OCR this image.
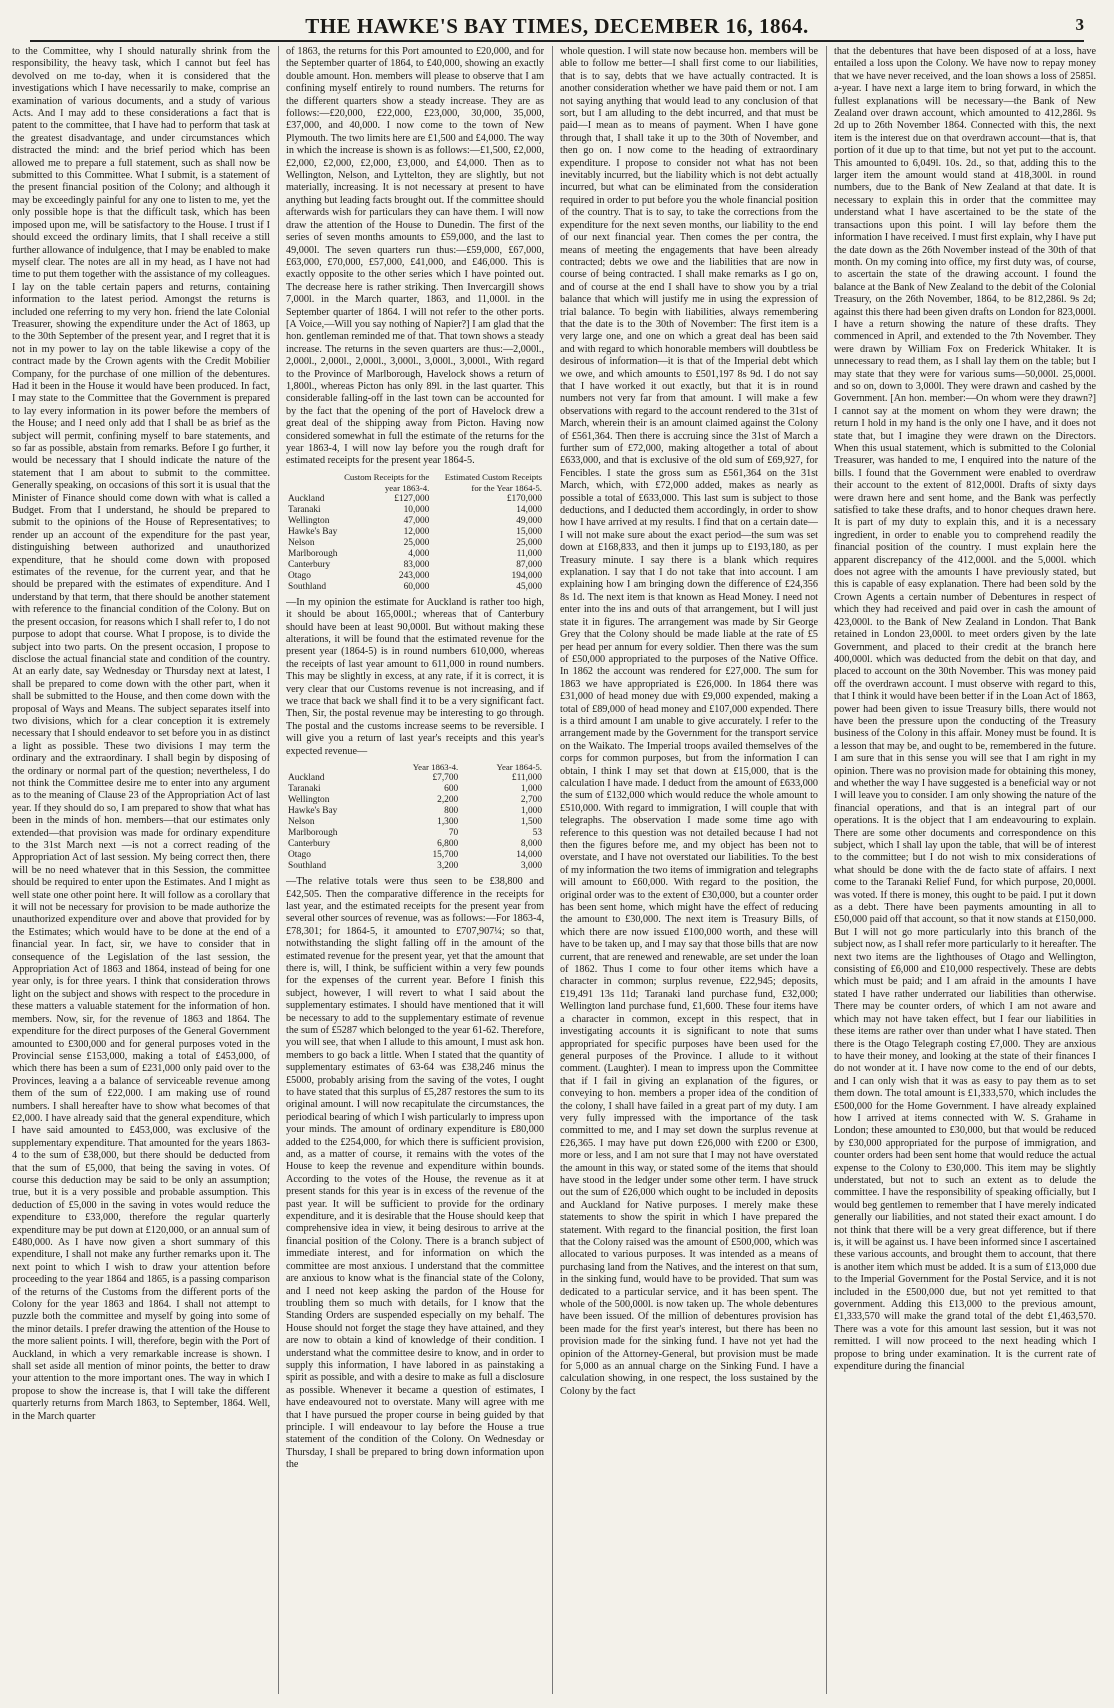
THE HAWKE'S BAY TIMES, DECEMBER 16, 1864.	3

to the Committee, why I should naturally shrink from the responsibility, the heavy task, which I cannot but feel has devolved on me to-day, when it is considered that the investigations which I have necessarily to make, comprise an examination of various documents, and a study of various Acts. And I may add to these considerations a fact that is patent to the committee, that I have had to perform that task at the greatest disadvantage, and under circumstances which distracted the mind: and the brief period which has been allowed me to prepare a full statement, such as shall now be submitted to this Committee. What I submit, is a statement of the present financial position of the Colony; and although it may be exceedingly painful for any one to listen to me, yet the only possible hope is that the difficult task, which has been imposed upon me, will be satisfactory to the House. I trust if I should exceed the ordinary limits, that I shall receive a still further allowance of indulgence, that I may be enabled to make myself clear. The notes are all in my head, as I have not had time to put them together with the assistance of my colleagues. I lay on the table certain papers and returns, containing information to the latest period. Amongst the returns is included one referring to my very hon. friend the late Colonial Treasurer, showing the expenditure under the Act of 1863, up to the 30th September of the present year, and I regret that it is not in my power to lay on the table likewise a copy of the contract made by the Crown agents with the Credit Mobilier Company, for the purchase of one million of the debentures. Had it been in the House it would have been produced. In fact, I may state to the Committee that the Government is prepared to lay every information in its power before the members of the House; and I need only add that I shall be as brief as the subject will permit, confining myself to bare statements, and so far as possible, abstain from remarks. Before I go further, it would be necessary that I should indicate the nature of the statement that I am about to submit to the committee. Generally speaking, on occasions of this sort it is usual that the Minister of Finance should come down with what is called a Budget. From that I understand, he should be prepared to submit to the opinions of the House of Representatives; to render up an account of the expenditure for the past year, distinguishing between authorized and unauthorized expenditure, that he should come down with proposed estimates of the revenue, for the current year, and that he should be prepared with the estimates of expenditure. And I understand by that term, that there should be another statement with reference to the financial condition of the Colony. But on the present occasion, for reasons which I shall refer to, I do not purpose to adopt that course. What I propose, is to divide the subject into two parts. On the present occasion, I propose to disclose the actual financial state and condition of the country. At an early date, say Wednesday or Thursday next at latest, I shall be prepared to come down with the other part, when it shall be submitted to the House, and then come down with the proposal of Ways and Means. The subject separates itself into two divisions, which for a clear conception it is extremely necessary that I should endeavor to set before you in as distinct a light as possible. These two divisions I may term the ordinary and the extraordinary. I shall begin by disposing of the ordinary or normal part of the question; nevertheless, I do not think the Committee desire me to enter into any argument as to the meaning of Clause 23 of the Appropriation Act of last year. If they should do so, I am prepared to show that what has been in the minds of hon. members—that our estimates only extended—that provision was made for ordinary expenditure to the 31st March next —is not a correct reading of the Appropriation Act of last session. My being correct then, there will be no need whatever that in this Session, the committee should be required to enter upon the Estimates. And I might as well state one other point here. It will follow as a corollary that it will not be necessary for provision to be made authorize the unauthorized expenditure over and above that provided for by the Estimates; which would have to be done at the end of a financial year. In fact, sir, we have to consider that in consequence of the Legislation of the last session, the Appropriation Act of 1863 and 1864, instead of being for one year only, is for three years. I think that consideration throws light on the subject and shows with respect to the procedure in these matters a valuable statement for the information of hon. members. Now, sir, for the revenue of 1863 and 1864. The expenditure for the direct purposes of the General Government amounted to £300,000 and for general purposes voted in the Provincial sense £153,000, making a total of £453,000, of which there has been a sum of £231,000 only paid over to the Provinces, leaving a a balance of serviceable revenue among them of the sum of £22,000. I am making use of round numbers. I shall hereafter have to show what becomes of that £2,000. I have already said that the general expenditure, which I have said amounted to £453,000, was exclusive of the supplementary expenditure. That amounted for the years 1863-4 to the sum of £38,000, but there should be deducted from that the sum of £5,000, that being the saving in votes. Of course this deduction may be said to be only an assumption; true, but it is a very possible and probable assumption. This deduction of £5,000 in the saving in votes would reduce the expenditure to £33,000, therefore the regular quarterly expenditure may be put down at £120,000, or an annual sum of £480,000. As I have now given a short summary of this expenditure, I shall not make any further remarks upon it. The next point to which I wish to draw your attention before proceeding to the year 1864 and 1865, is a passing comparison of the returns of the Customs from the different ports of the Colony for the year 1863 and 1864. I shall not attempt to puzzle both the committee and myself by going into some of the minor details. I prefer drawing the attention of the House to the more salient points. I will, therefore, begin with the Port of Auckland, in which a very remarkable increase is shown. I shall set aside all mention of minor points, the better to draw your attention to the more important ones. The way in which I propose to show the increase is, that I will take the different quarterly returns from March 1863, to September, 1864. Well, in the March quarter

of 1863, the returns for this Port amounted to £20,000, and for the September quarter of 1864, to £40,000, showing an exactly double amount. Hon. members will please to observe that I am confining myself entirely to round numbers. The returns for the different quarters show a steady increase. They are as follows:—£20,000, £22,000, £23,000, 30,000, 35,000, £37,000, and 40,000. I now come to the town of New Plymouth. The two limits here are £1,500 and £4,000. The way in which the increase is shown is as follows:—£1,500, £2,000, £2,000, £2,000, £2,000, £3,000, and £4,000. Then as to Wellington, Nelson, and Lyttelton, they are slightly, but not materially, increasing. It is not necessary at present to have anything but leading facts brought out. If the committee should afterwards wish for particulars they can have them. I will now draw the attention of the House to Dunedin. The first of the series of seven months amounts to £59,000, and the last to 49,000l. The seven quarters run thus:—£59,000, £67,000, £63,000, £70,000, £57,000, £41,000, and £46,000. This is exactly opposite to the other series which I have pointed out. The decrease here is rather striking. Then Invercargill shows 7,000l. in the March quarter, 1863, and 11,000l. in the September quarter of 1864. I will not refer to the other ports. [A Voice,—Will you say nothing of Napier?] I am glad that the hon. gentleman reminded me of that. That town shows a steady increase. The returns in the seven quarters are thus:—2,000l., 2,000l., 2,000l., 2,000l., 3,000l., 3,000l., 3,000l., With regard to the Province of Marlborough, Havelock shows a return of 1,800l., whereas Picton has only 89l. in the last quarter. This considerable falling-off in the last town can be accounted for by the fact that the opening of the port of Havelock drew a great deal of the shipping away from Picton. Having now considered somewhat in full the estimate of the returns for the year 1863-4, I will now lay before you the rough draft for estimated receipts for the present year 1864-5.

	Custom Receipts for the year 1863-4.	Estimated Custom Receipts for the Year 1864-5.
Auckland	£127,000	£170,000
Taranaki	10,000	14,000
Wellington	47,000	49,000
Hawke's Bay	12,000	15,000
Nelson	25,000	25,000
Marlborough	4,000	11,000
Canterbury	83,000	87,000
Otago	243,000	194,000
Southland	60,000	45,000

—In my opinion the estimate for Auckland is rather too high, it should be about 165,000l.; whereas that of Canterbury should have been at least 90,000l. But without making these alterations, it will be found that the estimated revenue for the present year (1864-5) is in round numbers 610,000, whereas the receipts of last year amount to 611,000 in round numbers. This may be slightly in excess, at any rate, if it is correct, it is very clear that our Customs revenue is not increasing, and if we trace that back we shall find it to be a very significant fact. Then, Sir, the postal revenue may be interesting to go through. The postal and the customs increase seems to be reversible. I will give you a return of last year's receipts and this year's expected revenue—

	Year 1863-4.	Year 1864-5.
Auckland	£7,700	£11,000
Taranaki	600	1,000
Wellington	2,200	2,700
Hawke's Bay	800	1,000
Nelson	1,300	1,500
Marlborough	70	53
Canterbury	6,800	8,000
Otago	15,700	14,000
Southland	3,200	3,000

—The relative totals were thus seen to be £38,800 and £42,505. Then the comparative difference in the receipts for last year, and the estimated receipts for the present year from several other sources of revenue, was as follows:—For 1863-4, £78,301; for 1864-5, it amounted to £707,907¼; so that, notwithstanding the slight falling off in the amount of the estimated revenue for the present year, yet that the amount that there is, will, I think, be sufficient within a very few pounds for the expenses of the current year. Before I finish this subject, however, I will revert to what I said about the supplementary estimates. I should have mentioned that it will be necessary to add to the supplementary estimate of revenue the sum of £5287 which belonged to the year 61-62. Therefore, you will see, that when I allude to this amount, I must ask hon. members to go back a little. When I stated that the quantity of supplementary estimates of 63-64 was £38,246 minus the £5000, probably arising from the saving of the votes, I ought to have stated that this surplus of £5,287 restores the sum to its original amount. I will now recapitulate the circumstances, the periodical bearing of which I wish particularly to impress upon your minds. The amount of ordinary expenditure is £80,000 added to the £254,000, for which there is sufficient provision, and, as a matter of course, it remains with the votes of the House to keep the revenue and expenditure within bounds. According to the votes of the House, the revenue as it at present stands for this year is in excess of the revenue of the past year. It will be sufficient to provide for the ordinary expenditure, and it is desirable that the House should keep that comprehensive idea in view, it being desirous to arrive at the financial position of the Colony. There is a branch subject of immediate interest, and for information on which the committee are most anxious. I understand that the committee are anxious to know what is the financial state of the Colony, and I need not keep asking the pardon of the House for troubling them so much with details, for I know that the Standing Orders are suspended especially on my behalf. The House should not forget the stage they have attained, and they are now to obtain a kind of knowledge of their condition. I understand what the committee desire to know, and in order to supply this information, I have labored in as painstaking a spirit as possible, and with a desire to make as full a disclosure as possible. Whenever it became a question of estimates, I have endeavoured not to overstate. Many will agree with me that I have pursued the proper course in being guided by that principle. I will endeavour to lay before the House a true statement of the condition of the Colony. On Wednesday or Thursday, I shall be prepared to bring down information upon the

whole question. I will state now because hon. members will be able to follow me better—I shall first come to our liabilities, that is to say, debts that we have actually contracted. It is another consideration whether we have paid them or not. I am not saying anything that would lead to any conclusion of that sort, but I am alluding to the debt incurred, and that must be paid—I mean as to means of payment. When I have gone through that, I shall take it up to the 30th of November, and then go on. I now come to the heading of extraordinary expenditure. I propose to consider not what has not been inevitably incurred, but the liability which is not debt actually incurred, but what can be eliminated from the consideration required in order to put before you the whole financial position of the country. That is to say, to take the corrections from the expenditure for the next seven months, our liability to the end of our next financial year. Then comes the per contra, the means of meeting the engagements that have been already contracted; debts we owe and the liabilities that are now in course of being contracted. I shall make remarks as I go on, and of course at the end I shall have to show you by a trial balance that which will justify me in using the expression of trial balance. To begin with liabilities, always remembering that the date is to the 30th of November: The first item is a very large one, and one on which a great deal has been said and with regard to which honorable members will doubtless be desirous of information—it is that of the Imperial debt which we owe, and which amounts to £501,197 8s 9d. I do not say that I have worked it out exactly, but that it is in round numbers not very far from that amount. I will make a few observations with regard to the account rendered to the 31st of March, wherein their is an amount claimed against the Colony of £561,364. Then there is accruing since the 31st of March a further sum of £72,000, making altogether a total of about £633,000, and that is exclusive of the old sum of £69,927, for Fencibles. I state the gross sum as £561,364 on the 31st March, which, with £72,000 added, makes as nearly as possible a total of £633,000. This last sum is subject to those deductions, and I deducted them accordingly, in order to show how I have arrived at my results. I find that on a certain date—I will not make sure about the exact period—the sum was set down at £168,833, and then it jumps up to £193,180, as per Treasury minute. I say there is a blank which requires explanation. I say that I do not take that into account. I am explaining how I am bringing down the difference of £24,356 8s 1d. The next item is that known as Head Money. I need not enter into the ins and outs of that arrangement, but I will just state it in figures. The arrangement was made by Sir George Grey that the Colony should be made liable at the rate of £5 per head per annum for every soldier. Then there was the sum of £50,000 appropriated to the purposes of the Native Office. In 1862 the account was rendered for £27,000. The sum for 1863 we have appropriated is £26,000. In 1864 there was £31,000 of head money due with £9,000 expended, making a total of £89,000 of head money and £107,000 expended. There is a third amount I am unable to give accurately. I refer to the arrangement made by the Government for the transport service on the Waikato. The Imperial troops availed themselves of the corps for common purposes, but from the information I can obtain, I think I may set that down at £15,000, that is the calculation I have made. I deduct from the amount of £633,000 the sum of £132,000 which would reduce the whole amount to £510,000. With regard to immigration, I will couple that with telegraphs. The observation I made some time ago with reference to this question was not detailed because I had not then the figures before me, and my object has been not to overstate, and I have not overstated our liabilities. To the best of my information the two items of immigration and telegraphs will amount to £60,000. With regard to the position, the original order was to the extent of £30,000, but a counter order has been sent home, which might have the effect of reducing the amount to £30,000. The next item is Treasury Bills, of which there are now issued £100,000 worth, and these will have to be taken up, and I may say that those bills that are now current, that are renewed and renewable, are set under the loan of 1862. Thus I come to four other items which have a character in common; surplus revenue, £22,945; deposits, £19,491 13s 11d; Taranaki land purchase fund, £32,000; Wellington land purchase fund, £1,600. These four items have a character in common, except in this respect, that in investigating accounts it is significant to note that sums appropriated for specific purposes have been used for the general purposes of the Province. I allude to it without comment. (Laughter). I mean to impress upon the Committee that if I fail in giving an explanation of the figures, or conveying to hon. members a proper idea of the condition of the colony, I shall have failed in a great part of my duty. I am very fully impressed with the importance of the task committed to me, and I may set down the surplus revenue at £26,365. I may have put down £26,000 with £200 or £300, more or less, and I am not sure that I may not have overstated the amount in this way, or stated some of the items that should have stood in the ledger under some other term. I have struck out the sum of £26,000 which ought to be included in deposits and Auckland for Native purposes. I merely make these statements to show the spirit in which I have prepared the statement. With regard to the financial position, the first loan that the Colony raised was the amount of £500,000, which was allocated to various purposes. It was intended as a means of purchasing land from the Natives, and the interest on that sum, in the sinking fund, would have to be provided. That sum was dedicated to a particular service, and it has been spent. The whole of the 500,000l. is now taken up. The whole debentures have been issued. Of the million of debentures provision has been made for the first year's interest, but there has been no provision made for the sinking fund. I have not yet had the opinion of the Attorney-General, but provision must be made for 5,000 as an annual charge on the Sinking Fund. I have a calculation showing, in one respect, the loss sustained by the Colony by the fact

that the debentures that have been disposed of at a loss, have entailed a loss upon the Colony. We have now to repay money that we have never received, and the loan shows a loss of 2585l. a-year. I have next a large item to bring forward, in which the fullest explanations will be necessary—the Bank of New Zealand over drawn account, which amounted to 412,286l. 9s 2d up to 26th November 1864. Connected with this, the next item is the interest due on that overdrawn account—that is, that portion of it due up to that time, but not yet put to the account. This amounted to 6,049l. 10s. 2d., so that, adding this to the larger item the amount would stand at 418,300l. in round numbers, due to the Bank of New Zealand at that date. It is necessary to explain this in order that the committee may understand what I have ascertained to be the state of the transactions upon this point. I will lay before them the information I have received. I must first explain, why I have put the date down as the 26th November instead of the 30th of that month. On my coming into office, my first duty was, of course, to ascertain the state of the drawing account. I found the balance at the Bank of New Zealand to the debit of the Colonial Treasury, on the 26th November, 1864, to be 812,286l. 9s 2d; against this there had been given drafts on London for 823,000l. I have a return showing the nature of these drafts. They commenced in April, and extended to the 7th November. They were drawn by William Fox on Frederick Whitaker. It is unnecessary to read them, as I shall lay them on the table; but I may state that they were for various sums—50,000l. 25,000l. and so on, down to 3,000l. They were drawn and cashed by the Government. [An hon. member:—On whom were they drawn?] I cannot say at the moment on whom they were drawn; the return I hold in my hand is the only one I have, and it does not state that, but I imagine they were drawn on the Directors. When this usual statement, which is submitted to the Colonial Treasurer, was handed to me, I enquired into the nature of the bills. I found that the Government were enabled to overdraw their account to the extent of 812,000l. Drafts of sixty days were drawn here and sent home, and the Bank was perfectly satisfied to take these drafts, and to honor cheques drawn here. It is part of my duty to explain this, and it is a necessary ingredient, in order to enable you to comprehend readily the financial position of the country. I must explain here the apparent discrepancy of the 412,000l. and the 5,000l. which does not agree with the amounts I have previously stated, but this is capable of easy explanation. There had been sold by the Crown Agents a certain number of Debentures in respect of which they had received and paid over in cash the amount of 423,000l. to the Bank of New Zealand in London. That Bank retained in London 23,000l. to meet orders given by the late Government, and placed to their credit at the branch here 400,000l. which was deducted from the debit on that day, and placed to account on the 30th November. This was money paid off the overdrawn account. I must observe with regard to this, that I think it would have been better if in the Loan Act of 1863, power had been given to issue Treasury bills, there would not have been the pressure upon the conducting of the Treasury business of the Colony in this affair. Money must be found. It is a lesson that may be, and ought to be, remembered in the future. I am sure that in this sense you will see that I am right in my opinion. There was no provision made for obtaining this money, and whether the way I have suggested is a beneficial way or not I will leave you to consider. I am only showing the nature of the financial operations, and that is an integral part of our operations. It is the object that I am endeavouring to explain. There are some other documents and correspondence on this subject, which I shall lay upon the table, that will be of interest to the committee; but I do not wish to mix considerations of what should be done with the de facto state of affairs. I next come to the Taranaki Relief Fund, for which purpose, 20,000l. was voted. If there is money, this ought to be paid. I put it down as a debt. There have been payments amounting in all to £50,000 paid off that account, so that it now stands at £150,000. But I will not go more particularly into this branch of the subject now, as I shall refer more particularly to it hereafter. The next two items are the lighthouses of Otago and Wellington, consisting of £6,000 and £10,000 respectively. These are debts which must be paid; and I am afraid in the amounts I have stated I have rather underrated our liabilities than otherwise. There may be counter orders, of which I am not aware and which may not have taken effect, but I fear our liabilities in these items are rather over than under what I have stated. Then there is the Otago Telegraph costing £7,000. They are anxious to have their money, and looking at the state of their finances I do not wonder at it. I have now come to the end of our debts, and I can only wish that it was as easy to pay them as to set them down. The total amount is £1,333,570, which includes the £500,000 for the Home Government. I have already explained how I arrived at items connected with W. S. Grahame in London; these amounted to £30,000, but that would be reduced by £30,000 appropriated for the purpose of immigration, and counter orders had been sent home that would reduce the actual expense to the Colony to £30,000. This item may be slightly understated, but not to such an extent as to delude the committee. I have the responsibility of speaking officially, but I would beg gentlemen to remember that I have merely indicated generally our liabilities, and not stated their exact amount. I do not think that there will be a very great difference, but if there is, it will be against us. I have been informed since I ascertained these various accounts, and brought them to account, that there is another item which must be added. It is a sum of £13,000 due to the Imperial Government for the Postal Service, and it is not included in the £500,000 due, but not yet remitted to that government. Adding this £13,000 to the previous amount, £1,333,570 will make the grand total of the debt £1,463,570. There was a vote for this amount last session, but it was not remitted. I will now proceed to the next heading which I propose to bring under examination. It is the current rate of expenditure during the financial
